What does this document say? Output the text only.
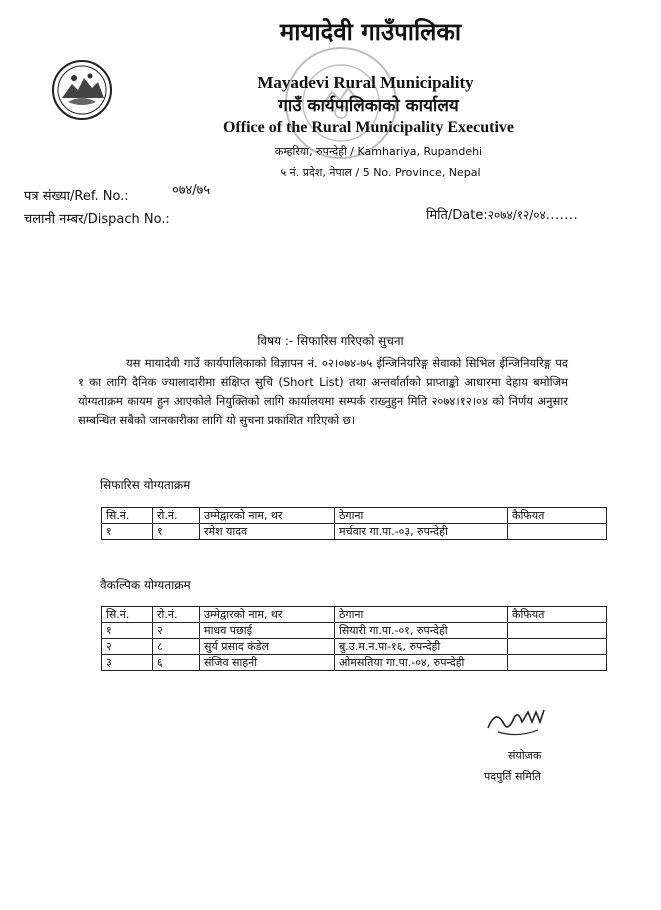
मायादेवी गाउँपालिका
Mayadevi Rural Municipality
गाउँ कार्यपालिकाको कार्यालय
Office of the Rural Municipality Executive
कम्हरिया, रुपन्देही / Kamhariya, Rupandehi
५ नं. प्रदेश, नेपाल / 5 No. Province, Nepal
पत्र संख्या/Ref. No.:	०७४/७५
चलानी नम्बर/Dispach No.:	मिति/Date:२०७४/१२/०४.......
विषय :- सिफारिस गरिएको सुचना
यस मायादेवी गाउँ कार्यपालिकाको विज्ञापन नं. ०२।०७४-७५ ईन्जिनियरिङ्ग सेवाको सिभिल ईन्जिनियरिङ्ग पद १ का लागि दैनिक ज्यालादारीमा संक्षिप्त सुचि (Short List) तथा अन्तर्वार्ताको प्राप्ताङ्को आधारमा देहाय बमोजिम योग्यताक्रम कायम हुन आएकोले नियुक्तिको लागि कार्यालयमा सम्पर्क राख्नुहुन मिति २०७४।१२।०४ को निर्णय अनुसार सम्बन्धित सबैको जानकारीका लागि यो सुचना प्रकाशित गरिएको छ।
सिफारिस योग्यताक्रम
सि.नं.	रो.नं.	उम्मेद्वारको नाम, थर	ठेगाना	कैफियत
१	१	रमेश यादव	मर्चवार गा.पा.-०३, रुपन्देही	
वैकल्पिक योग्यताक्रम
सि.नं.	रो.नं.	उम्मेद्वारको नाम, थर	ठेगाना	कैफियत
१	२	माधव पछाई	सियारी गा.पा.-०१, रुपन्देही	
२	८	सुर्य प्रसाद कंडेल	बु.उ.म.न.पा-१६, रुपन्देही	
३	६	संजिव साहनी	ओमसतिया गा.पा.-०४, रुपन्देही	
संयोजक
पदपुर्ति समिति
